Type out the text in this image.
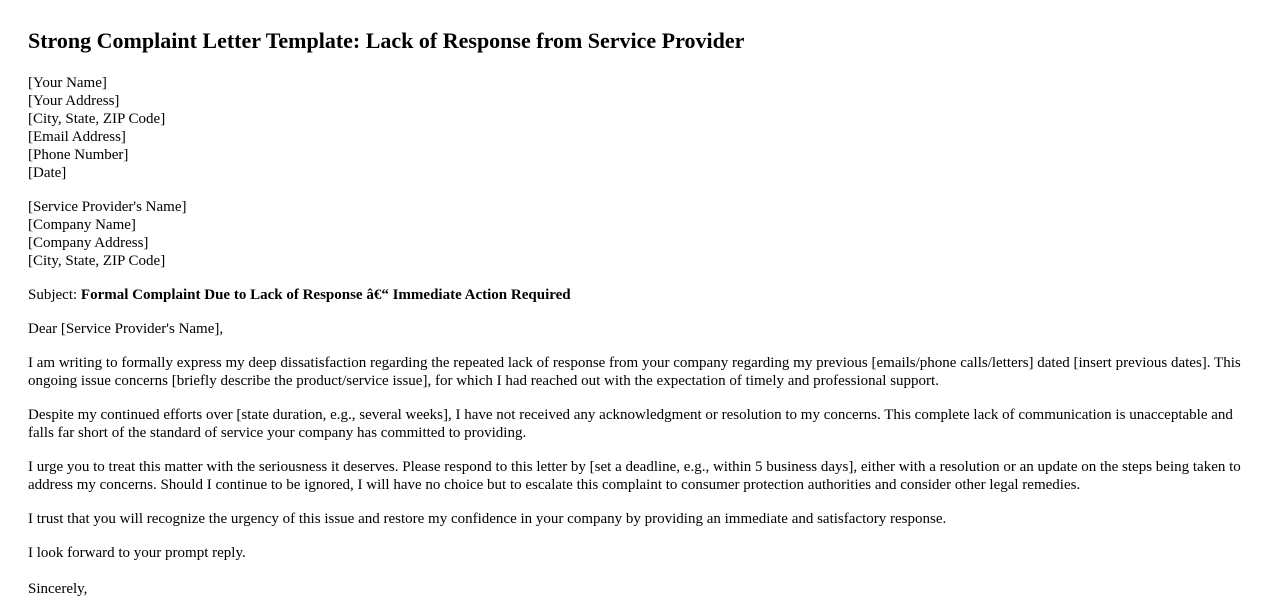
Strong Complaint Letter Template: Lack of Response from Service Provider
[Your Name]
[Your Address]
[City, State, ZIP Code]
[Email Address]
[Phone Number]
[Date]
[Service Provider's Name]
[Company Name]
[Company Address]
[City, State, ZIP Code]
Subject: Formal Complaint Due to Lack of Response â€“ Immediate Action Required

Dear [Service Provider's Name],

I am writing to formally express my deep dissatisfaction regarding the repeated lack of response from your company regarding my previous [emails/phone calls/letters] dated [insert previous dates]. This ongoing issue concerns [briefly describe the product/service issue], for which I had reached out with the expectation of timely and professional support.

Despite my continued efforts over [state duration, e.g., several weeks], I have not received any acknowledgment or resolution to my concerns. This complete lack of communication is unacceptable and falls far short of the standard of service your company has committed to providing.

I urge you to treat this matter with the seriousness it deserves. Please respond to this letter by [set a deadline, e.g., within 5 business days], either with a resolution or an update on the steps being taken to address my concerns. Should I continue to be ignored, I will have no choice but to escalate this complaint to consumer protection authorities and consider other legal remedies.

I trust that you will recognize the urgency of this issue and restore my confidence in your company by providing an immediate and satisfactory response.

I look forward to your prompt reply.

Sincerely,
